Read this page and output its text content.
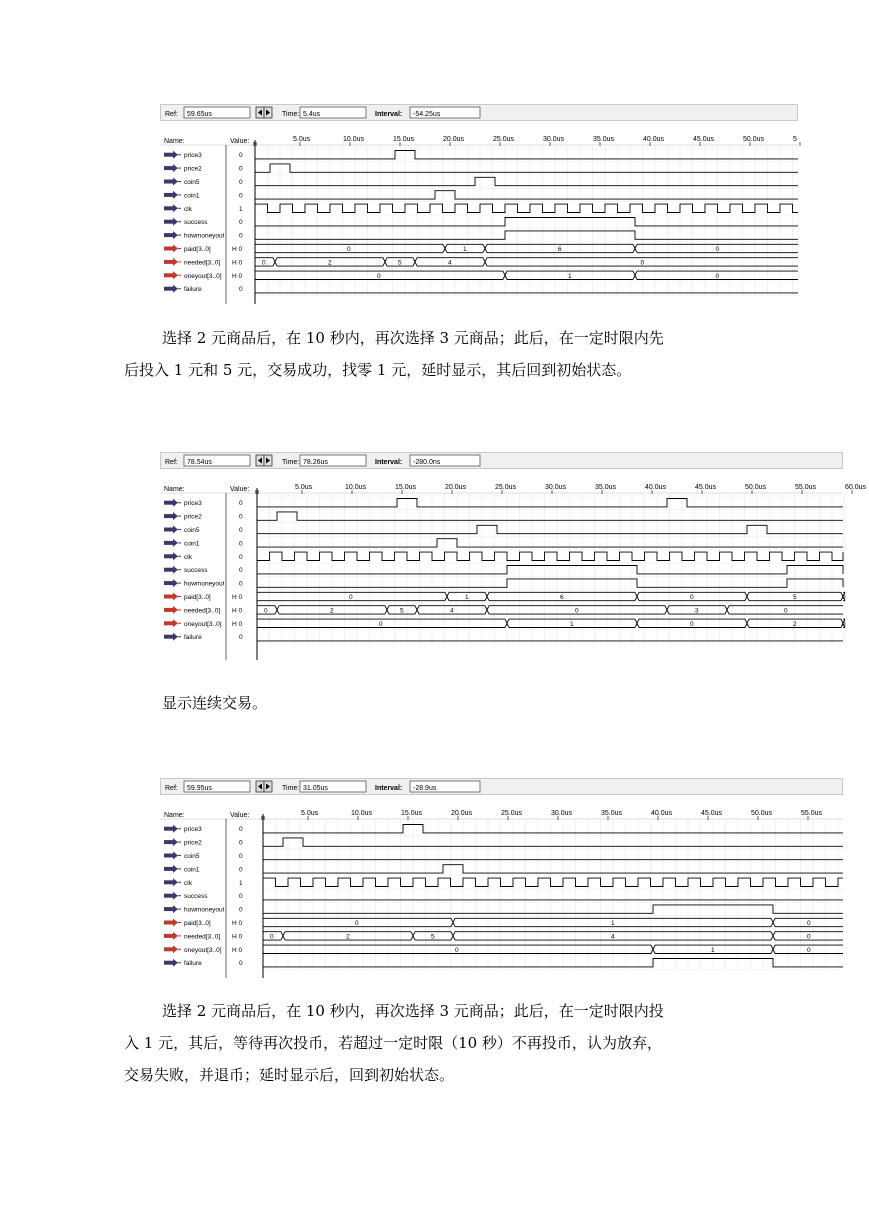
Ref: 59.65us	Time: 5.4us	Interval: -54.25us
Name:	Value:	5.0us	10.0us	15.0us	20.0us	25.0us	30.0us	35.0us	40.0us	45.0us	50.0us	5
price3	0
price2	0
coin5	0
coin1	0
clk	1
success	0
howmoneyout 0
paid[3..0]	H 0	0	1	6	0
needed[3..0] H 0	0	2	5	4	0
oneyout[3..0] H 0	0	1	0
failure	0
选择 2 元商品后，在 10 秒内，再次选择 3 元商品；此后，在一定时限内先
后投入 1 元和 5 元，交易成功，找零 1 元，延时显示，其后回到初始状态。
Ref: 78.54us	Time: 78.26us	Interval: -280.0ns
Name:	Value:	5.0us	10.0us	15.0us	20.0us	25.0us	30.0us	35.0us	40.0us	45.0us	50.0us	55.0us	60.0us
price3	0
price2	0
coin5	0
coin1	0
clk	0
success	0
howmoneyout 0
paid[3..0]	H 0	0	1	6	0	5	0
needed[3..0] H 0	0	2	5	4	0	3	0
oneyout[3..0] H 0	0	1	0	2	0
failure	0
显示连续交易。
Ref: 59.95us	Time: 31.05us	Interval: -28.9us
Name:	Value:	5.0us	10.0us	15.0us	20.0us	25.0us	30.0us	35.0us	40.0us	45.0us	50.0us	55.0us
price3	0
price2	0
coin5	0
coin1	0
clk	1
success	0
howmoneyout 0
paid[3..0]	H 0	0	1	0
needed[3..0] H 0	0	2	5	4	0
oneyout[3..0] H 0	0	1	0
failure	0
选择 2 元商品后，在 10 秒内，再次选择 3 元商品；此后，在一定时限内投
入 1 元，其后，等待再次投币，若超过一定时限（10 秒）不再投币，认为放弃，
交易失败，并退币；延时显示后，回到初始状态。
